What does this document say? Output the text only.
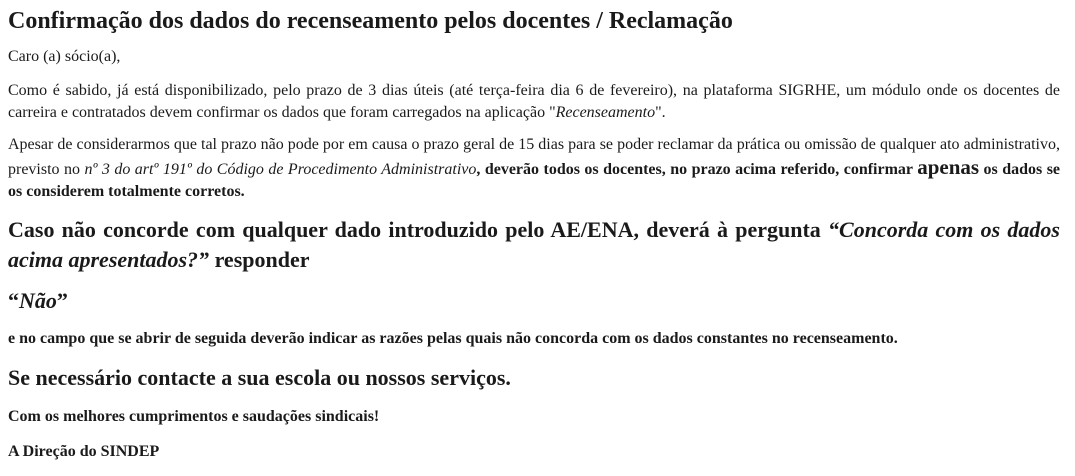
Confirmação dos dados do recenseamento pelos docentes / Reclamação

Caro (a) sócio(a),

Como é sabido, já está disponibilizado, pelo prazo de 3 dias úteis (até terça-feira dia 6 de fevereiro), na plataforma SIGRHE, um módulo onde os docentes de carreira e contratados devem confirmar os dados que foram carregados na aplicação "Recenseamento".

Apesar de considerarmos que tal prazo não pode por em causa o prazo geral de 15 dias para se poder reclamar da prática ou omissão de qualquer ato administrativo, previsto no nº 3 do artº 191º do Código de Procedimento Administrativo, deverão todos os docentes, no prazo acima referido, confirmar apenas os dados se os considerem totalmente corretos.

Caso não concorde com qualquer dado introduzido pelo AE/ENA, deverá à pergunta “Concorda com os dados acima apresentados?” responder

“Não”

e no campo que se abrir de seguida deverão indicar as razões pelas quais não concorda com os dados constantes no recenseamento.

Se necessário contacte a sua escola ou nossos serviços.

Com os melhores cumprimentos e saudações sindicais!

A Direção do SINDEP
